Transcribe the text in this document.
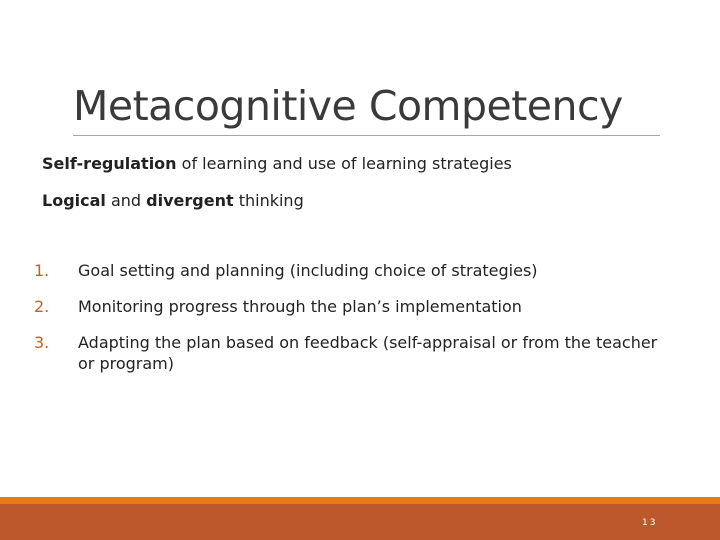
Metacognitive Competency
Self-regulation of learning and use of learning strategies
Logical and divergent thinking
1. Goal setting and planning (including choice of strategies)
2. Monitoring progress through the plan’s implementation
3. Adapting the plan based on feedback (self-appraisal or from the teacher or program)
13
